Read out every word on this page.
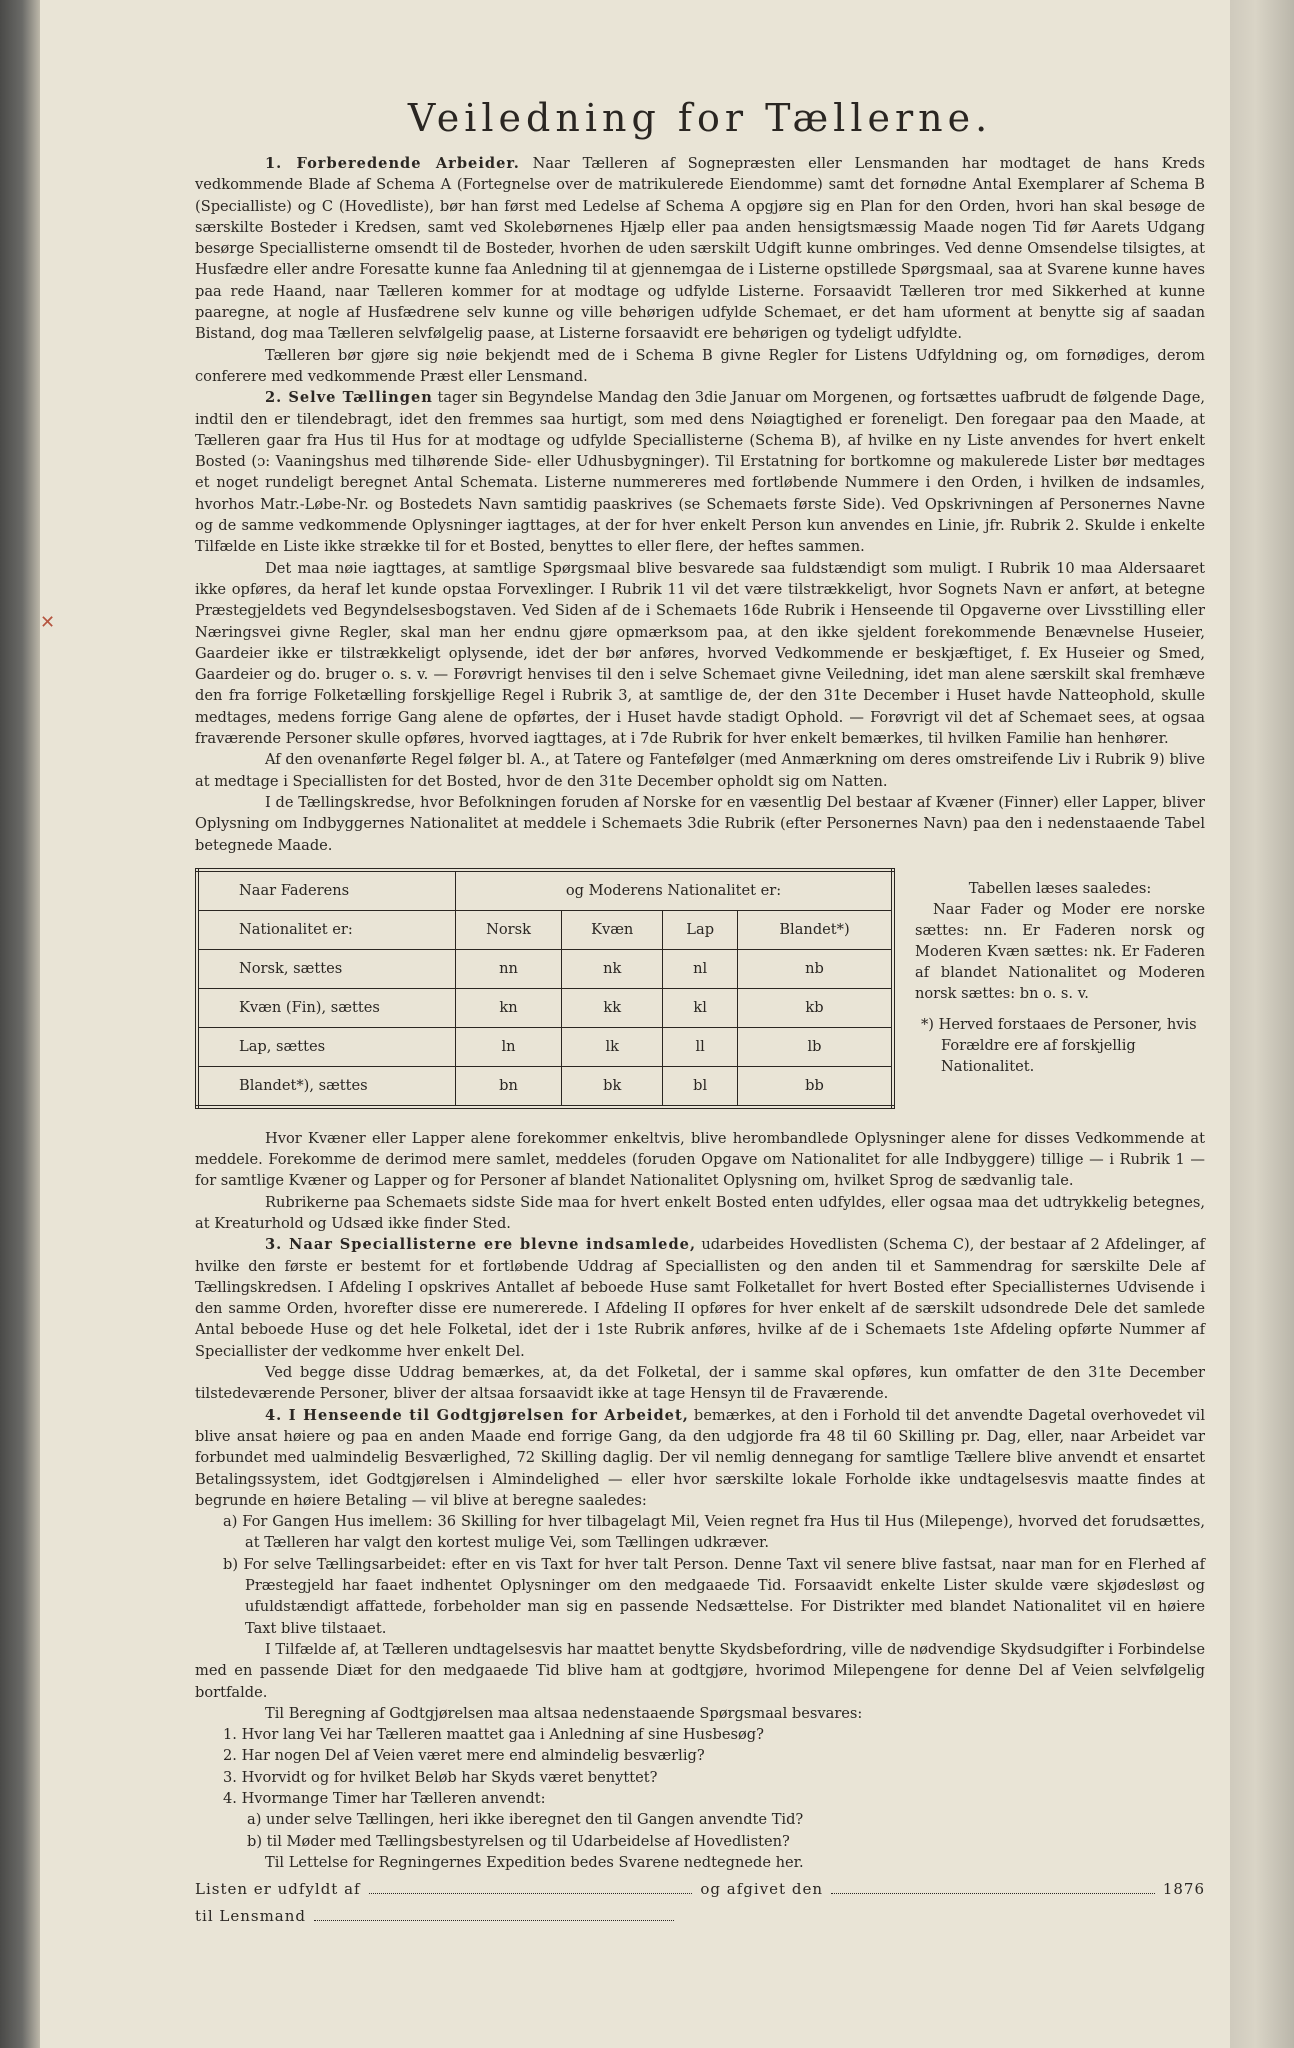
✕
Veiledning for Tællerne.

1. Forberedende Arbeider. Naar Tælleren af Sognepræsten eller Lensmanden har modtaget de hans Kreds vedkommende Blade af Schema A (Fortegnelse over de matrikulerede Eiendomme) samt det fornødne Antal Exemplarer af Schema B (Specialliste) og C (Hovedliste), bør han først med Ledelse af Schema A opgjøre sig en Plan for den Orden, hvori han skal besøge de særskilte Bosteder i Kredsen, samt ved Skolebørnenes Hjælp eller paa anden hensigtsmæssig Maade nogen Tid før Aarets Udgang besørge Speciallisterne omsendt til de Bosteder, hvorhen de uden særskilt Udgift kunne ombringes. Ved denne Omsendelse tilsigtes, at Husfædre eller andre Foresatte kunne faa Anledning til at gjennemgaa de i Listerne opstillede Spørgsmaal, saa at Svarene kunne haves paa rede Haand, naar Tælleren kommer for at modtage og udfylde Listerne. Forsaavidt Tælleren tror med Sikkerhed at kunne paaregne, at nogle af Husfædrene selv kunne og ville behørigen udfylde Schemaet, er det ham uforment at benytte sig af saadan Bistand, dog maa Tælleren selvfølgelig paase, at Listerne forsaavidt ere behørigen og tydeligt udfyldte.

Tælleren bør gjøre sig nøie bekjendt med de i Schema B givne Regler for Listens Udfyldning og, om fornødiges, derom conferere med vedkommende Præst eller Lensmand.

2. Selve Tællingen tager sin Begyndelse Mandag den 3die Januar om Morgenen, og fortsættes uafbrudt de følgende Dage, indtil den er tilendebragt, idet den fremmes saa hurtigt, som med dens Nøiagtighed er foreneligt. Den foregaar paa den Maade, at Tælleren gaar fra Hus til Hus for at modtage og udfylde Speciallisterne (Schema B), af hvilke en ny Liste anvendes for hvert enkelt Bosted (ɔ: Vaaningshus med tilhørende Side- eller Udhusbygninger). Til Erstatning for bortkomne og makulerede Lister bør medtages et noget rundeligt beregnet Antal Schemata. Listerne nummereres med fortløbende Nummere i den Orden, i hvilken de indsamles, hvorhos Matr.-Løbe-Nr. og Bostedets Navn samtidig paaskrives (se Schemaets første Side). Ved Opskrivningen af Personernes Navne og de samme vedkommende Oplysninger iagttages, at der for hver enkelt Person kun anvendes en Linie, jfr. Rubrik 2. Skulde i enkelte Tilfælde en Liste ikke strække til for et Bosted, benyttes to eller flere, der heftes sammen.

Det maa nøie iagttages, at samtlige Spørgsmaal blive besvarede saa fuldstændigt som muligt. I Rubrik 10 maa Aldersaaret ikke opføres, da heraf let kunde opstaa Forvexlinger. I Rubrik 11 vil det være tilstrækkeligt, hvor Sognets Navn er anført, at betegne Præstegjeldets ved Begyndelsesbogstaven. Ved Siden af de i Schemaets 16de Rubrik i Henseende til Opgaverne over Livsstilling eller Næringsvei givne Regler, skal man her endnu gjøre opmærksom paa, at den ikke sjeldent forekommende Benævnelse Huseier, Gaardeier ikke er tilstrækkeligt oplysende, idet der bør anføres, hvorved Vedkommende er beskjæftiget, f. Ex Huseier og Smed, Gaardeier og do. bruger o. s. v. — Forøvrigt henvises til den i selve Schemaet givne Veiledning, idet man alene særskilt skal fremhæve den fra forrige Folketælling forskjellige Regel i Rubrik 3, at samtlige de, der den 31te December i Huset havde Natteophold, skulle medtages, medens forrige Gang alene de opførtes, der i Huset havde stadigt Ophold. — Forøvrigt vil det af Schemaet sees, at ogsaa fraværende Personer skulle opføres, hvorved iagttages, at i 7de Rubrik for hver enkelt bemærkes, til hvilken Familie han henhører.

Af den ovenanførte Regel følger bl. A., at Tatere og Fantefølger (med Anmærkning om deres omstreifende Liv i Rubrik 9) blive at medtage i Speciallisten for det Bosted, hvor de den 31te December opholdt sig om Natten.

I de Tællingskredse, hvor Befolkningen foruden af Norske for en væsentlig Del bestaar af Kvæner (Finner) eller Lapper, bliver Oplysning om Indbyggernes Nationalitet at meddele i Schemaets 3die Rubrik (efter Personernes Navn) paa den i nedenstaaende Tabel betegnede Maade.

Naar Faderens	og Moderens Nationalitet er:			
Nationalitet er:	Norsk	Kvæn	Lap	Blandet*)
Norsk, sættes	nn	nk	nl	nb
Kvæn (Fin), sættes	kn	kk	kl	kb
Lap, sættes	ln	lk	ll	lb
Blandet*), sættes	bn	bk	bl	bb
Tabellen læses saaledes:

Naar Fader og Moder ere norske sættes: nn. Er Faderen norsk og Moderen Kvæn sættes: nk. Er Faderen af blandet Nationalitet og Moderen norsk sættes: bn o. s. v.

*) Herved forstaaes de Personer, hvis Forældre ere af forskjellig Nationalitet.

Hvor Kvæner eller Lapper alene forekommer enkeltvis, blive herombandlede Oplysninger alene for disses Vedkommende at meddele. Forekomme de derimod mere samlet, meddeles (foruden Opgave om Nationalitet for alle Indbyggere) tillige — i Rubrik 1 — for samtlige Kvæner og Lapper og for Personer af blandet Nationalitet Oplysning om, hvilket Sprog de sædvanlig tale.

Rubrikerne paa Schemaets sidste Side maa for hvert enkelt Bosted enten udfyldes, eller ogsaa maa det udtrykkelig betegnes, at Kreaturhold og Udsæd ikke finder Sted.

3. Naar Speciallisterne ere blevne indsamlede, udarbeides Hovedlisten (Schema C), der bestaar af 2 Afdelinger, af hvilke den første er bestemt for et fortløbende Uddrag af Speciallisten og den anden til et Sammendrag for særskilte Dele af Tællingskredsen. I Afdeling I opskrives Antallet af beboede Huse samt Folketallet for hvert Bosted efter Speciallisternes Udvisende i den samme Orden, hvorefter disse ere numererede. I Afdeling II opføres for hver enkelt af de særskilt udsondrede Dele det samlede Antal beboede Huse og det hele Folketal, idet der i 1ste Rubrik anføres, hvilke af de i Schemaets 1ste Afdeling opførte Nummer af Speciallister der vedkomme hver enkelt Del.

Ved begge disse Uddrag bemærkes, at, da det Folketal, der i samme skal opføres, kun omfatter de den 31te December tilstedeværende Personer, bliver der altsaa forsaavidt ikke at tage Hensyn til de Fraværende.

4. I Henseende til Godtgjørelsen for Arbeidet, bemærkes, at den i Forhold til det anvendte Dagetal overhovedet vil blive ansat høiere og paa en anden Maade end forrige Gang, da den udgjorde fra 48 til 60 Skilling pr. Dag, eller, naar Arbeidet var forbundet med ualmindelig Besværlighed, 72 Skilling daglig. Der vil nemlig dennegang for samtlige Tællere blive anvendt et ensartet Betalingssystem, idet Godtgjørelsen i Almindelighed — eller hvor særskilte lokale Forholde ikke undtagelsesvis maatte findes at begrunde en høiere Betaling — vil blive at beregne saaledes:

a) For Gangen Hus imellem: 36 Skilling for hver tilbagelagt Mil, Veien regnet fra Hus til Hus (Milepenge), hvorved det forudsættes, at Tælleren har valgt den kortest mulige Vei, som Tællingen udkræver.

b) For selve Tællingsarbeidet: efter en vis Taxt for hver talt Person. Denne Taxt vil senere blive fastsat, naar man for en Flerhed af Præstegjeld har faaet indhentet Oplysninger om den medgaaede Tid. Forsaavidt enkelte Lister skulde være skjødesløst og ufuldstændigt affattede, forbeholder man sig en passende Nedsættelse. For Distrikter med blandet Nationalitet vil en høiere Taxt blive tilstaaet.

I Tilfælde af, at Tælleren undtagelsesvis har maattet benytte Skydsbefordring, ville de nødvendige Skydsudgifter i Forbindelse med en passende Diæt for den medgaaede Tid blive ham at godtgjøre, hvorimod Milepengene for denne Del af Veien selvfølgelig bortfalde.

Til Beregning af Godtgjørelsen maa altsaa nedenstaaende Spørgsmaal besvares:

1. Hvor lang Vei har Tælleren maattet gaa i Anledning af sine Husbesøg?

2. Har nogen Del af Veien været mere end almindelig besværlig?

3. Hvorvidt og for hvilket Beløb har Skyds været benyttet?

4. Hvormange Timer har Tælleren anvendt:

a) under selve Tællingen, heri ikke iberegnet den til Gangen anvendte Tid?

b) til Møder med Tællingsbestyrelsen og til Udarbeidelse af Hovedlisten?

Til Lettelse for Regningernes Expedition bedes Svarene nedtegnede her.

Listen er udfyldt af	og afgivet den	1876
til Lensmand
